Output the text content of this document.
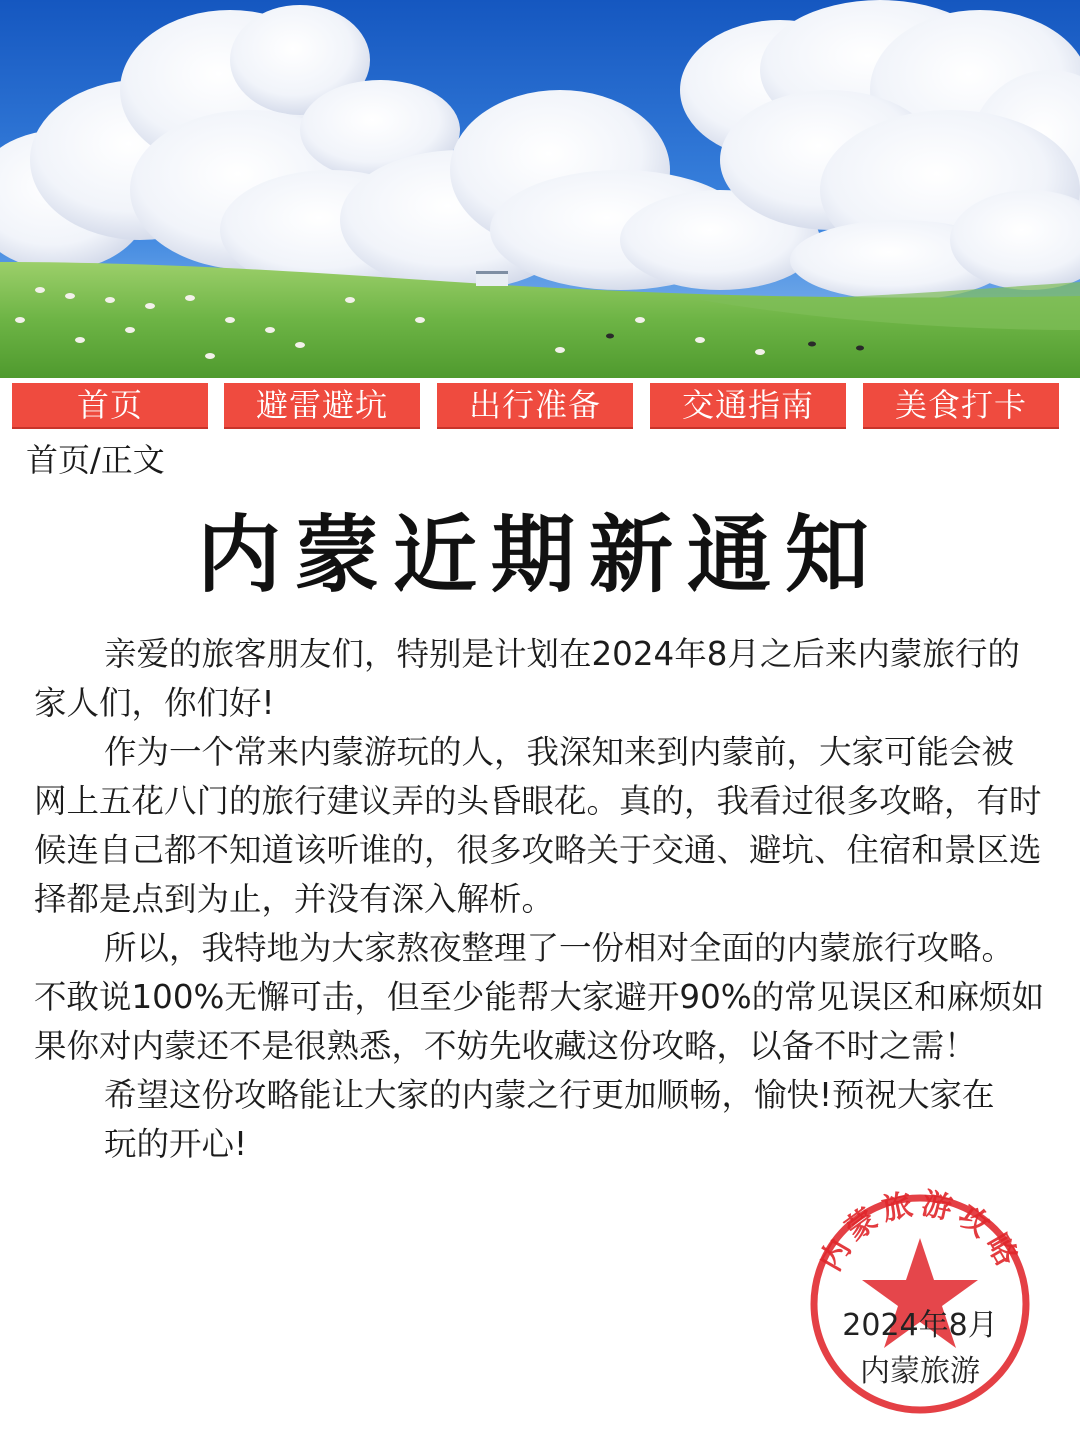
首页	避雷避坑	出行准备	交通指南	美食打卡
首页/正文
内蒙近期新通知

亲爱的旅客朋友们，特别是计划在2024年8月之后来内蒙旅行的家人们，你们好!

作为一个常来内蒙游玩的人，我深知来到内蒙前，大家可能会被网上五花八门的旅行建议弄的头昏眼花。真的，我看过很多攻略，有时候连自己都不知道该听谁的，很多攻略关于交通、避坑、住宿和景区选择都是点到为止，并没有深入解析。

所以，我特地为大家熬夜整理了一份相对全面的内蒙旅行攻略。不敢说100%无懈可击，但至少能帮大家避开90%的常见误区和麻烦如果你对内蒙还不是很熟悉，不妨先收藏这份攻略，以备不时之需！

希望这份攻略能让大家的内蒙之行更加顺畅，愉快!预祝大家在

玩的开心!

内蒙旅游攻略
2024年8月
内蒙旅游
